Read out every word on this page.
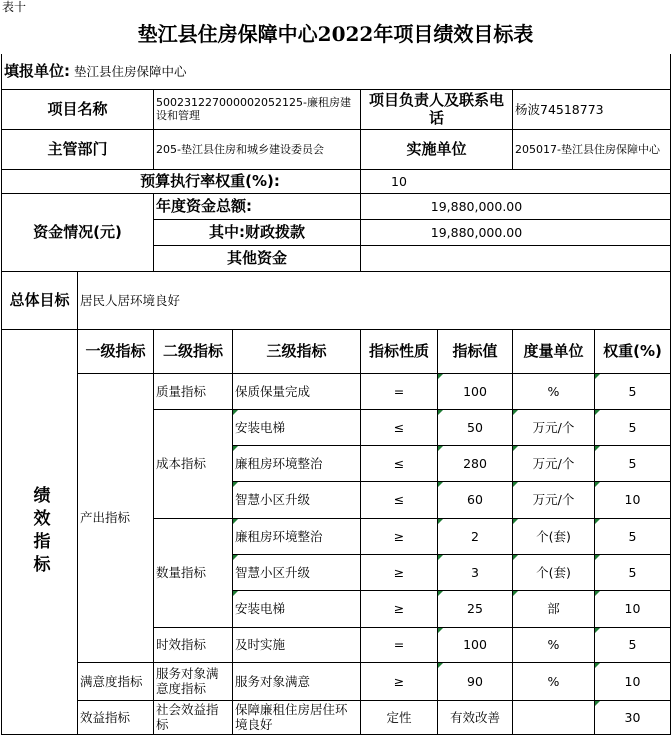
表十
垫江县住房保障中心2022年项目绩效目标表
填报单位: 垫江县住房保障中心							
项目名称		500231227000002052125-廉租房建设和管理		项目负责人及联系电话		杨波74518773	
主管部门		205-垫江县住房和城乡建设委员会		实施单位		205017-垫江县住房保障中心	
预算执行率权重(%):				10			
资金情况(元)		年度资金总额:		19,880,000.00			
		其中:财政拨款		19,880,000.00			
		其他资金					
总体目标	居民人居环境良好						
绩效指标	一级指标	二级指标	三级指标	指标性质	指标值	度量单位	权重(%)
	产出指标	质量指标	保质保量完成	=	100	%	5
		成本指标	安装电梯	≤	50	万元/个	5
			廉租房环境整治	≤	280	万元/个	5
			智慧小区升级	≤	60	万元/个	10
		数量指标	廉租房环境整治	≥	2	个(套)	5
			智慧小区升级	≥	3	个(套)	5
			安装电梯	≥	25	部	10
		时效指标	及时实施	=	100	%	5
	满意度指标	服务对象满意度指标	服务对象满意	≥	90	%	10
	效益指标	社会效益指标	保障廉租住房居住环境良好	定性	有效改善		30
